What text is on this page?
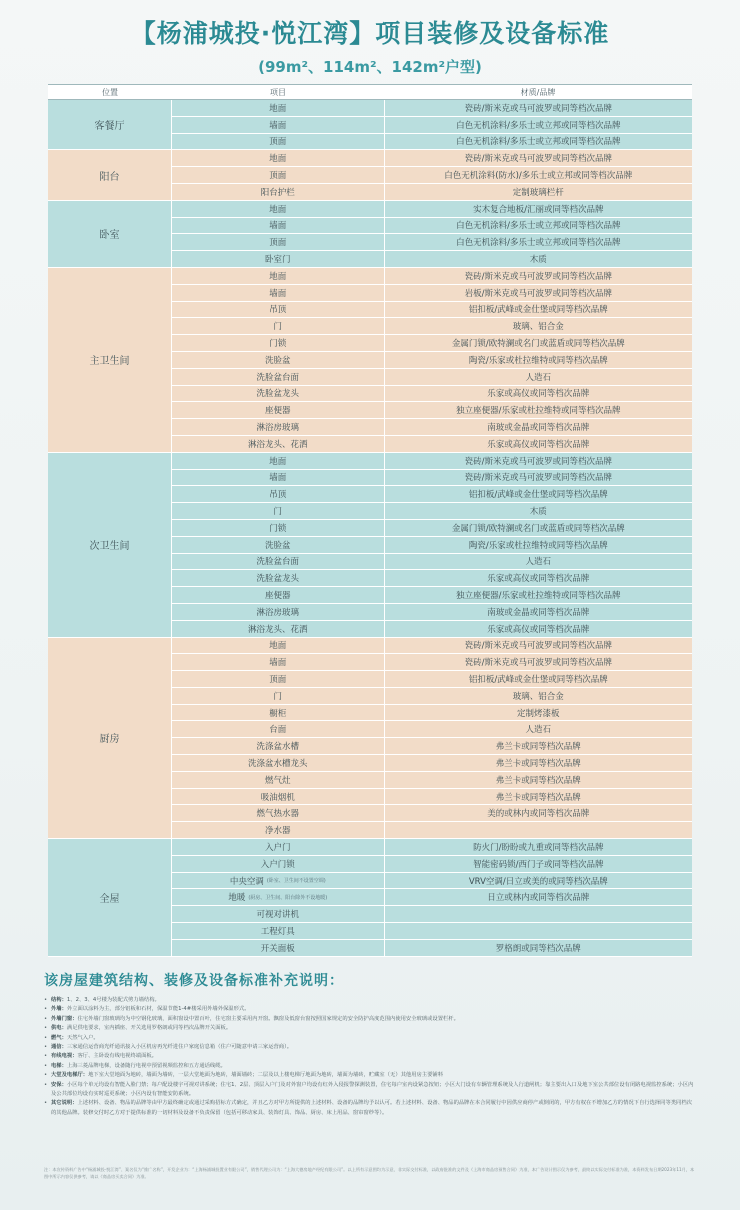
【杨浦城投·悦江湾】项目装修及设备标准
(99m²、114m²、142m²户型)
位置	项目	材质/品牌
客餐厅
地面	瓷砖/斯米克或马可波罗或同等档次品牌
墙面	白色无机涂料/多乐士或立邦或同等档次品牌
顶面	白色无机涂料/多乐士或立邦或同等档次品牌
阳台
地面	瓷砖/斯米克或马可波罗或同等档次品牌
顶面	白色无机涂料(防水)/多乐士或立邦或同等档次品牌
阳台护栏	定制玻璃栏杆
卧室
地面	实木复合地板/汇丽或同等档次品牌
墙面	白色无机涂料/多乐士或立邦或同等档次品牌
顶面	白色无机涂料/多乐士或立邦或同等档次品牌
卧室门	木质
主卫生间
地面	瓷砖/斯米克或马可波罗或同等档次品牌
墙面	岩板/斯米克或马可波罗或同等档次品牌
吊顶	铝扣板/武峰或金仕堡或同等档次品牌
门	玻璃、铝合金
门锁	金属门锁/欧特澜或名门或蓝盾或同等档次品牌
洗脸盆	陶瓷/乐家或杜拉维特或同等档次品牌
洗脸盆台面	人造石
洗脸盆龙头	乐家或高仪或同等档次品牌
座便器	独立座便器/乐家或杜拉维特或同等档次品牌
淋浴房玻璃	南玻或金晶或同等档次品牌
淋浴龙头、花洒	乐家或高仪或同等档次品牌
次卫生间
地面	瓷砖/斯米克或马可波罗或同等档次品牌
墙面	瓷砖/斯米克或马可波罗或同等档次品牌
吊顶	铝扣板/武峰或金仕堡或同等档次品牌
门	木质
门锁	金属门锁/欧特澜或名门或蓝盾或同等档次品牌
洗脸盆	陶瓷/乐家或杜拉维特或同等档次品牌
洗脸盆台面	人造石
洗脸盆龙头	乐家或高仪或同等档次品牌
座便器	独立座便器/乐家或杜拉维特或同等档次品牌
淋浴房玻璃	南玻或金晶或同等档次品牌
淋浴龙头、花洒	乐家或高仪或同等档次品牌
厨房
地面	瓷砖/斯米克或马可波罗或同等档次品牌
墙面	瓷砖/斯米克或马可波罗或同等档次品牌
顶面	铝扣板/武峰或金仕堡或同等档次品牌
门	玻璃、铝合金
橱柜	定制烤漆板
台面	人造石
洗涤盆水槽	弗兰卡或同等档次品牌
洗涤盆水槽龙头	弗兰卡或同等档次品牌
燃气灶	弗兰卡或同等档次品牌
吸油烟机	弗兰卡或同等档次品牌
燃气热水器	美的或林内或同等档次品牌
净水器
全屋
入户门	防火门/盼盼或九重或同等档次品牌
入户门锁	智能密码锁/西门子或同等档次品牌
中央空调 (卧室、卫生间不设置空调)	VRV空调/日立或美的或同等档次品牌
地暖 (厨房、卫生间、阳台除外不设地暖)	日立或林内或同等档次品牌
可视对讲机
工程灯具
开关面板	罗格朗或同等档次品牌
该房屋建筑结构、装修及设备标准补充说明：
• 结构：1、2、3、4号楼为装配式剪力墙结构。
• 外墙：外立面以涂料为主，部分铝板和石材，保温节能1-4#楼采用外墙外保温形式。
• 外墙门窗：住宅外墙门窗玻璃均为中空钢化玻璃，面积窗设中置百叶，住宅窗主要采用内开窗。飘窗及低窗台窗按照国家规定的安全防护高度范围内使用安全玻璃或设置栏杆。
• 供电：满足供电要求，室内插座、开关选用罗格朗或同等档次品牌开关面板。
• 燃气：天然气入户。
• 通信：三家通信运营商光纤通讯接入小区机房再光纤进住户家庭信息箱（住户可随意申请三家运营商）。
• 有线电视：客厅、主卧设有线电视终端面板。
• 电梯：上海三菱品牌电梯，设备随行电视中预留视频监控和五方通话线缆。
• 大堂及电梯厅：地下室大堂地面为地砖，墙面为墙砖，一层大堂地面为地砖，墙面墙砖；二层及以上楼电梯厅地面为地砖，墙面为墙砖，贮藏室（无）其他用房主要铺料
• 安保：小区每个单元均设有智能入脸门禁；每户配设楼宇可视对讲系统；住宅1、2层、顶层入户门及对外窗户均设有红外入侵报警探测装置，住宅每户室内设紧急按钮；小区大门设有车辆管理系统及人行道闸机；靠主要出入口及地下室公共部位设有闭路电视监控系统；小区内及公共部位均设有实时巡更系统；小区内设有智能安防系统。
• 其它说明：上述材料、设备、物品的品牌等由甲方最终确定或通过采购招标方式确定，并且乙方对甲方所提供的上述材料、设备的品牌均予以认可。若上述材料、设备、物品的品牌在本合同履行中因供应商停产或倒闭的，甲方有权在不增加乙方的情况下自行选择同等类同档次的其他品牌。装修交付时乙方对于提供标准的一切材料及设备不负责保留（包括可移动家具、装饰灯具、饰品、厨房、床上用品、窗帘窗纱等）。
注：本宣传资料广告中“杨浦城投·悦江湾”、案名仅为“推广名称”，开发企业为：“上海杨浦城投置业有限公司”，销售代理公司为：“上海大德房地产经纪有限公司”。以上所有示意图均为示意，非实际交付标准，以政府批准的文件及《上海市商品房预售合同》为准，本广告设计图示仅为参考，最终以实际交付标准为准，本资料发布日期2023年11月，本图中所示内容仅供参考，请以《商品房买卖合同》为准。
